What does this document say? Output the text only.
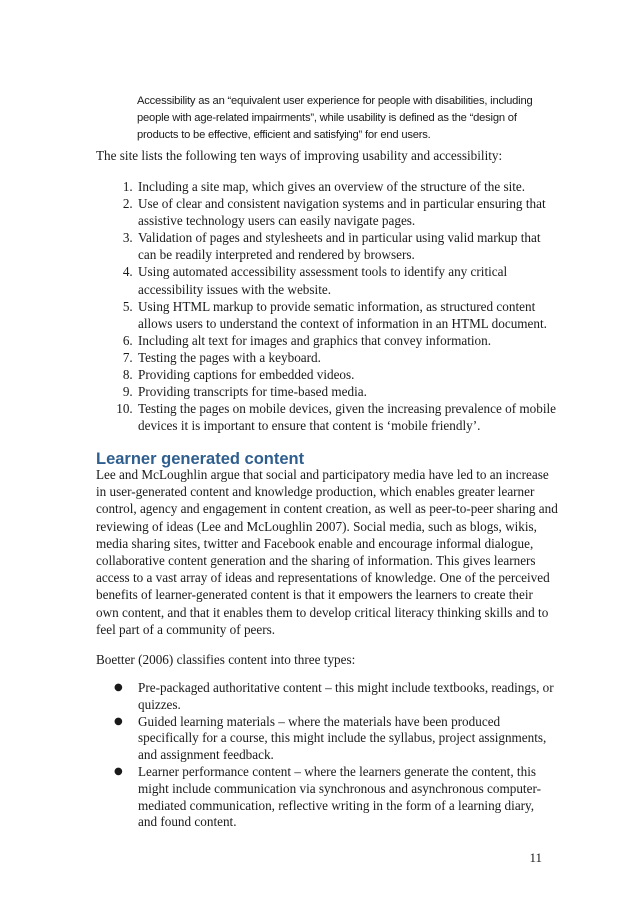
Accessibility as an “equivalent user experience for people with disabilities, including people with age-related impairments”, while usability is defined as the “design of products to be effective, efficient and satisfying” for end users.

The site lists the following ten ways of improving usability and accessibility:

1. Including a site map, which gives an overview of the structure of the site.
2. Use of clear and consistent navigation systems and in particular ensuring that assistive technology users can easily navigate pages.
3. Validation of pages and stylesheets and in particular using valid markup that can be readily interpreted and rendered by browsers.
4. Using automated accessibility assessment tools to identify any critical accessibility issues with the website.
5. Using HTML markup to provide sematic information, as structured content allows users to understand the context of information in an HTML document.
6. Including alt text for images and graphics that convey information.
7. Testing the pages with a keyboard.
8. Providing captions for embedded videos.
9. Providing transcripts for time-based media.
10. Testing the pages on mobile devices, given the increasing prevalence of mobile devices it is important to ensure that content is ‘mobile friendly’.
Learner generated content

Lee and McLoughlin argue that social and participatory media have led to an increase in user-generated content and knowledge production, which enables greater learner control, agency and engagement in content creation, as well as peer-to-peer sharing and reviewing of ideas (Lee and McLoughlin 2007). Social media, such as blogs, wikis, media sharing sites, twitter and Facebook enable and encourage informal dialogue, collaborative content generation and the sharing of information. This gives learners access to a vast array of ideas and representations of knowledge. One of the perceived benefits of learner-generated content is that it empowers the learners to create their own content, and that it enables them to develop critical literacy thinking skills and to feel part of a community of peers.

Boetter (2006) classifies content into three types:

● Pre-packaged authoritative content – this might include textbooks, readings, or quizzes.
● Guided learning materials – where the materials have been produced specifically for a course, this might include the syllabus, project assignments, and assignment feedback.
● Learner performance content – where the learners generate the content, this might include communication via synchronous and asynchronous computer-mediated communication, reflective writing in the form of a learning diary, and found content.
11
